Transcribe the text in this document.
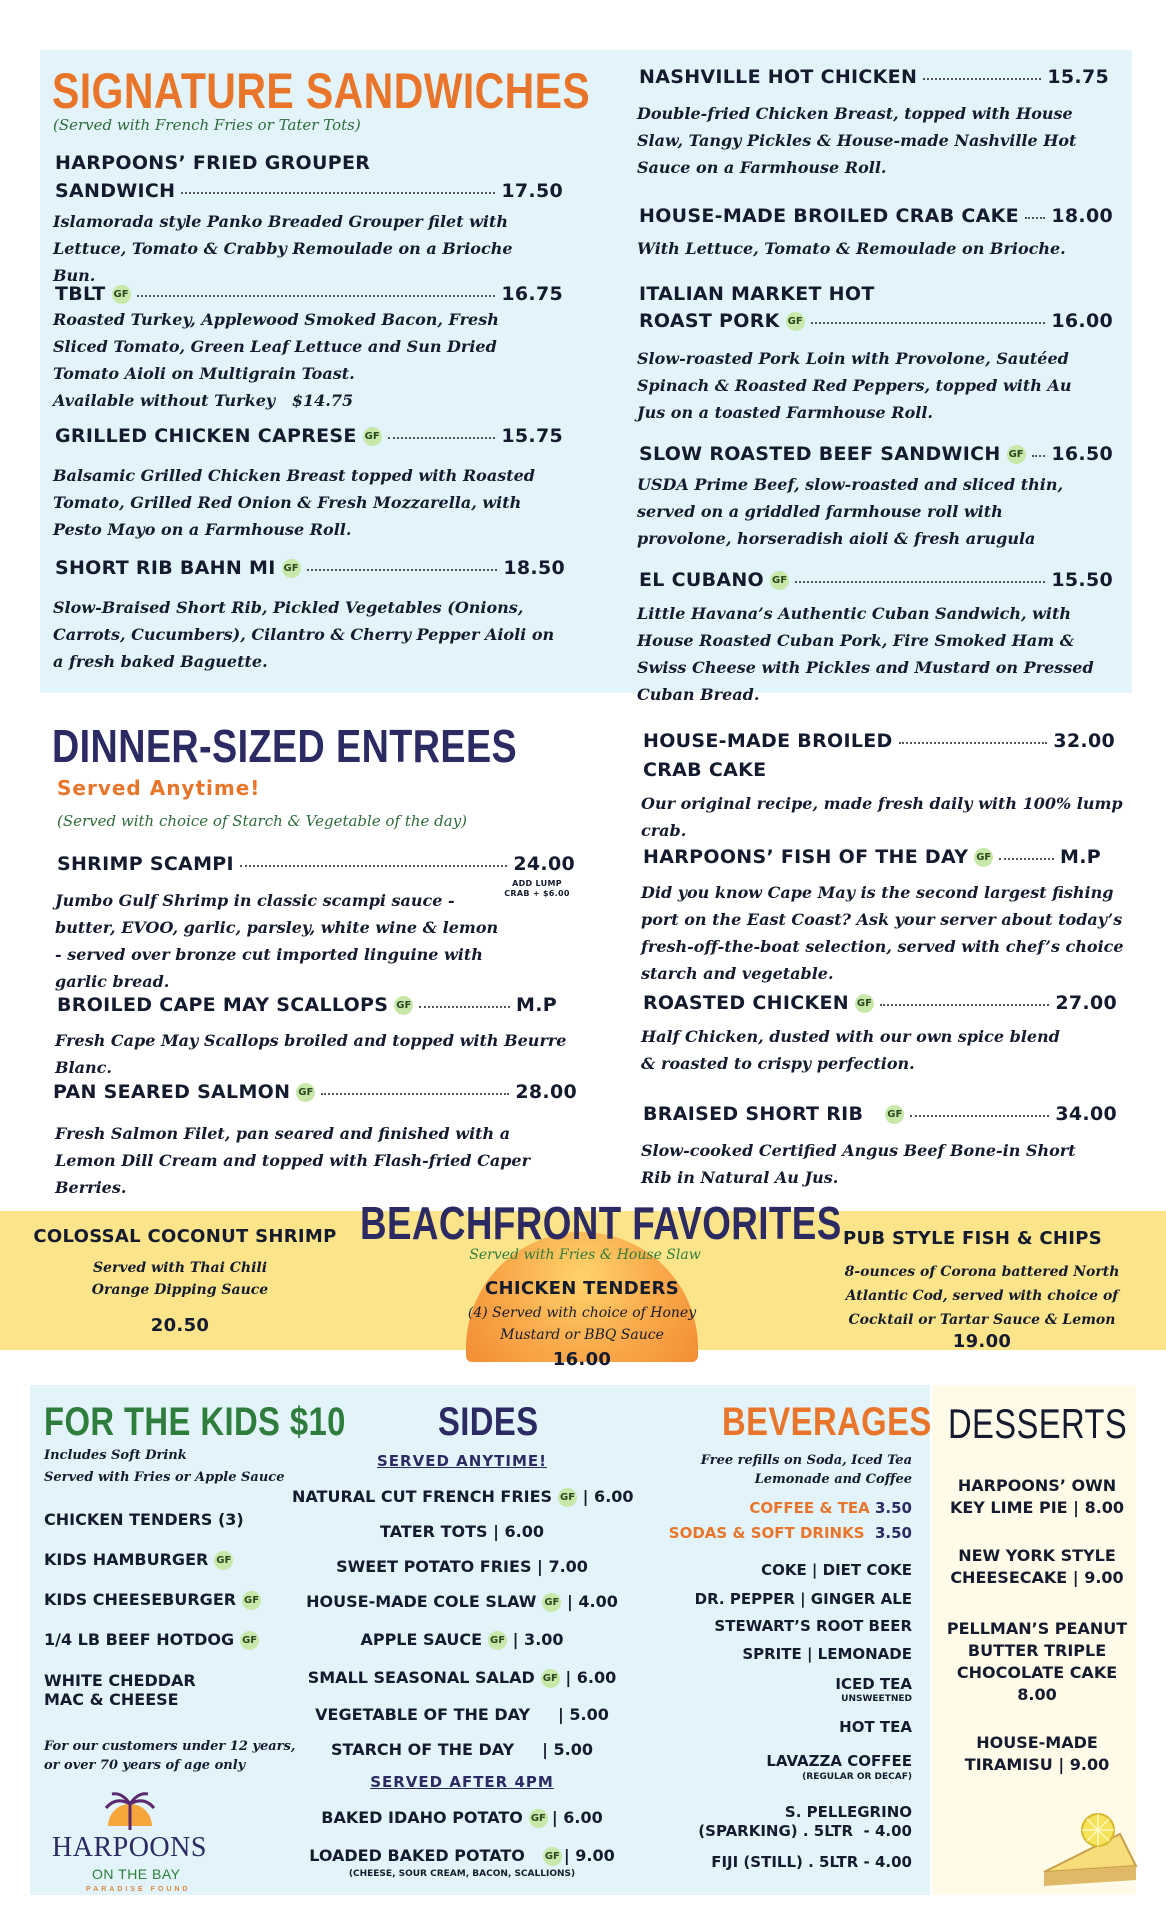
SIGNATURE SANDWICHES
(Served with French Fries or Tater Tots)
HARPOONS’ FRIED GROUPER
SANDWICH	17.50
Islamorada style Panko Breaded Grouper filet with Lettuce, Tomato & Crabby Remoulade on a Brioche Bun.
TBLT GF	16.75
Roasted Turkey, Applewood Smoked Bacon, Fresh Sliced Tomato, Green Leaf Lettuce and Sun Dried Tomato Aioli on Multigrain Toast.
Available without Turkey   $14.75
GRILLED CHICKEN CAPRESE GF	15.75
Balsamic Grilled Chicken Breast topped with Roasted Tomato, Grilled Red Onion & Fresh Mozzarella, with Pesto Mayo on a Farmhouse Roll.
SHORT RIB BAHN MI GF	18.50
Slow-Braised Short Rib, Pickled Vegetables (Onions, Carrots, Cucumbers), Cilantro & Cherry Pepper Aioli on a fresh baked Baguette.
NASHVILLE HOT CHICKEN	15.75
Double-fried Chicken Breast, topped with House Slaw, Tangy Pickles & House-made Nashville Hot Sauce on a Farmhouse Roll.
HOUSE-MADE BROILED CRAB CAKE 18.00
With Lettuce, Tomato & Remoulade on Brioche.
ITALIAN MARKET HOT
ROAST PORK GF	16.00
Slow-roasted Pork Loin with Provolone, Sautéed Spinach & Roasted Red Peppers, topped with Au Jus on a toasted Farmhouse Roll.
SLOW ROASTED BEEF SANDWICH GF 16.50
USDA Prime Beef, slow-roasted and sliced thin, served on a griddled farmhouse roll with provolone, horseradish aioli & fresh arugula
EL CUBANO GF	15.50
Little Havana’s Authentic Cuban Sandwich, with House Roasted Cuban Pork, Fire Smoked Ham & Swiss Cheese with Pickles and Mustard on Pressed Cuban Bread.
DINNER-SIZED ENTREES
Served Anytime!
(Served with choice of Starch & Vegetable of the day)
SHRIMP SCAMPI	24.00
ADD LUMP
CRAB + $6.00
Jumbo Gulf Shrimp in classic scampi sauce - butter, EVOO, garlic, parsley, white wine & lemon - served over bronze cut imported linguine with garlic bread.
BROILED CAPE MAY SCALLOPS GF	M.P
Fresh Cape May Scallops broiled and topped with Beurre Blanc.
PAN SEARED SALMON GF	28.00
Fresh Salmon Filet, pan seared and finished with a Lemon Dill Cream and topped with Flash-fried Caper Berries.
HOUSE-MADE BROILED	32.00
CRAB CAKE
Our original recipe, made fresh daily with 100% lump crab.
HARPOONS’ FISH OF THE DAY GF	M.P
Did you know Cape May is the second largest fishing port on the East Coast? Ask your server about today’s fresh-off-the-boat selection, served with chef’s choice starch and vegetable.
ROASTED CHICKEN GF	27.00
Half Chicken, dusted with our own spice blend & roasted to crispy perfection.
BRAISED SHORT RIB GF	34.00
Slow-cooked Certified Angus Beef Bone-in Short Rib in Natural Au Jus.
BEACHFRONT FAVORITES
Served with Fries & House Slaw
COLOSSAL COCONUT SHRIMP
Served with Thai Chili Orange Dipping Sauce
20.50
CHICKEN TENDERS
(4) Served with choice of Honey Mustard or BBQ Sauce
16.00
PUB STYLE FISH & CHIPS
8-ounces of Corona battered North Atlantic Cod, served with choice of Cocktail or Tartar Sauce & Lemon
19.00
FOR THE KIDS $10
Includes Soft Drink
Served with Fries or Apple Sauce
CHICKEN TENDERS (3)
KIDS HAMBURGER GF
KIDS CHEESEBURGER GF
1/4 LB BEEF HOTDOG GF
WHITE CHEDDAR
MAC & CHEESE
For our customers under 12 years,
or over 70 years of age only
HARPOONS
ON THE BAY
PARADISE FOUND
SIDES
SERVED ANYTIME!
NATURAL CUT FRENCH FRIES GF | 6.00
TATER TOTS | 6.00
SWEET POTATO FRIES | 7.00
HOUSE-MADE COLE SLAW GF | 4.00
APPLE SAUCE GF | 3.00
SMALL SEASONAL SALAD GF | 6.00
VEGETABLE OF THE DAY | 5.00
STARCH OF THE DAY | 5.00
SERVED AFTER 4PM
BAKED IDAHO POTATO GF | 6.00
LOADED BAKED POTATO GF | 9.00
(CHEESE, SOUR CREAM, BACON, SCALLIONS)
BEVERAGES
Free refills on Soda, Iced Tea
Lemonade and Coffee
COFFEE & TEA 3.50
SODAS & SOFT DRINKS 3.50
COKE | DIET COKE
DR. PEPPER | GINGER ALE
STEWART’S ROOT BEER
SPRITE | LEMONADE
ICED TEA
UNSWEETNED
HOT TEA
LAVAZZA COFFEE
(REGULAR OR DECAF)
S. PELLEGRINO
(SPARKING) . 5LTR  - 4.00
FIJI (STILL) . 5LTR - 4.00
DESSERTS
HARPOONS’ OWN
KEY LIME PIE | 8.00
NEW YORK STYLE
CHEESECAKE | 9.00
PELLMAN’S PEANUT
BUTTER TRIPLE
CHOCOLATE CAKE
8.00
HOUSE-MADE
TIRAMISU | 9.00
